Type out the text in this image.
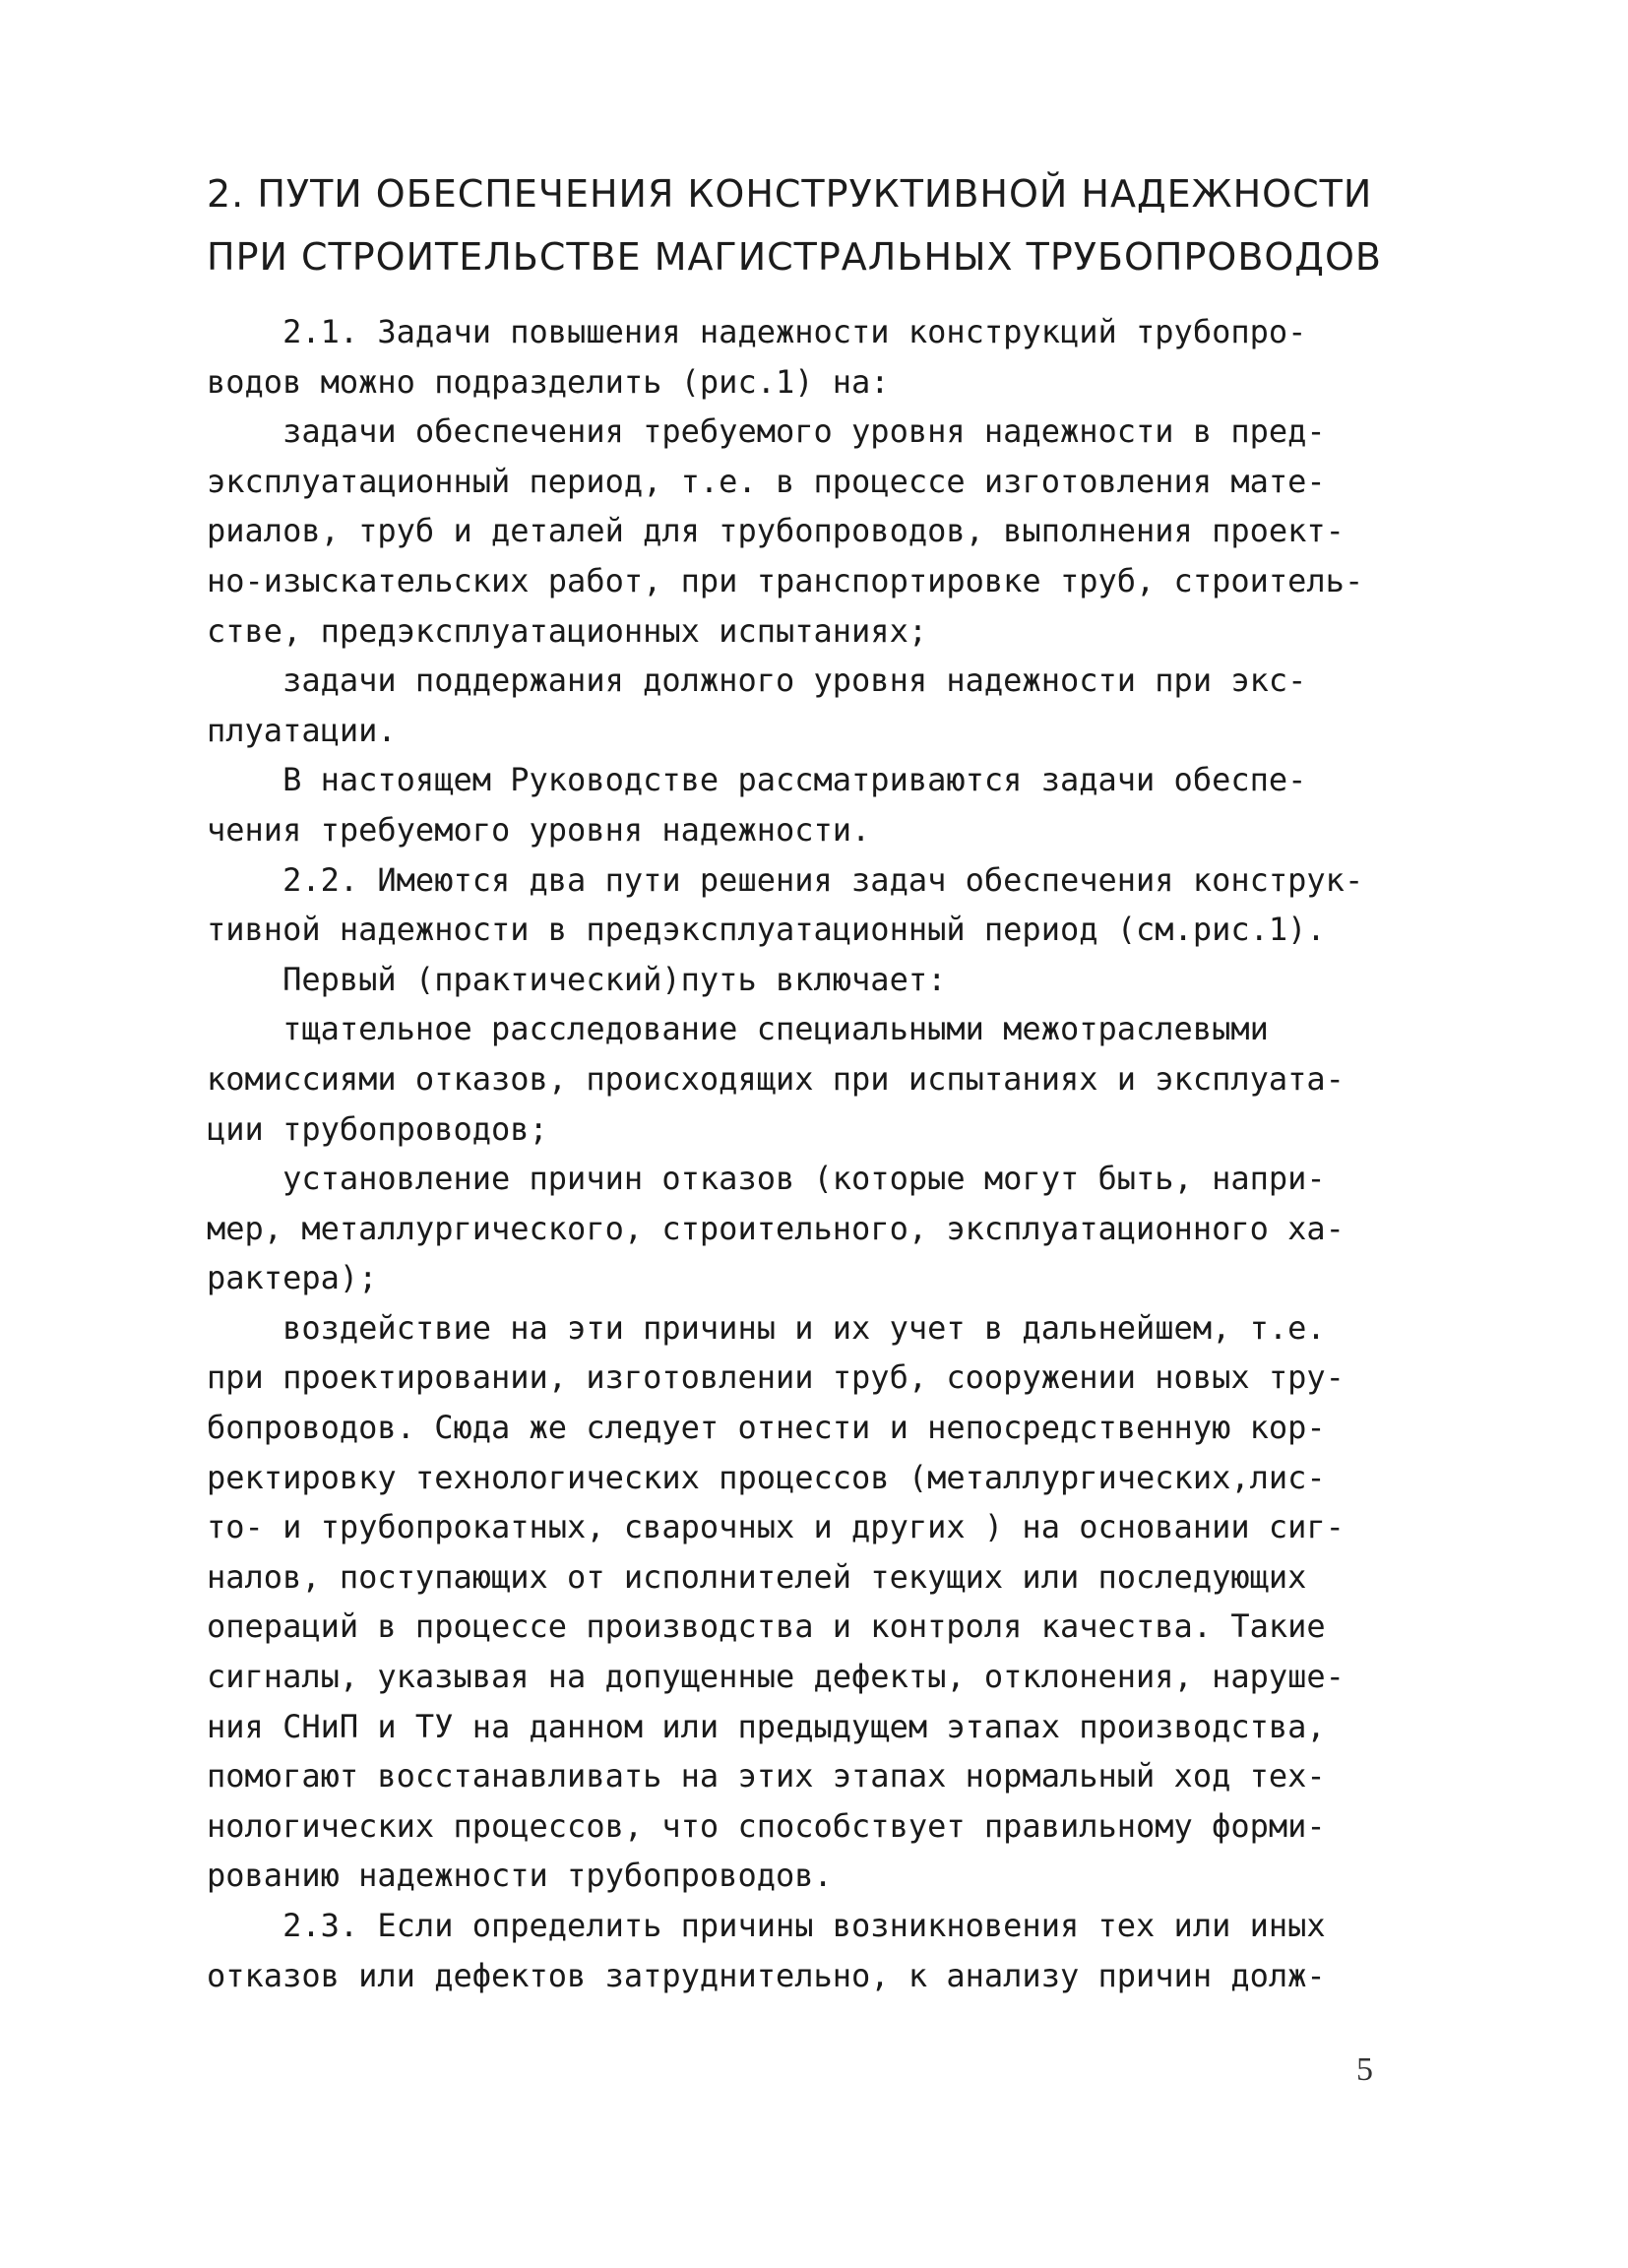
2. ПУТИ ОБЕСПЕЧЕНИЯ КОНСТРУКТИВНОЙ НАДЕЖНОСТИ
ПРИ СТРОИТЕЛЬСТВЕ МАГИСТРАЛЬНЫХ ТРУБОПРОВОДОВ
2.1. Задачи повышения надежности конструкций трубопро-
водов можно подразделить (рис.1) на:
задачи обеспечения требуемого уровня надежности в пред-
эксплуатационный период, т.е. в процессе изготовления мате-
риалов, труб и деталей для трубопроводов, выполнения проект-
но-изыскательских работ, при транспортировке труб, строитель-
стве, предэксплуатационных испытаниях;
задачи поддержания должного уровня надежности при экс-
плуатации.
В настоящем Руководстве рассматриваются задачи обеспе-
чения требуемого уровня надежности.
2.2. Имеются два пути решения задач обеспечения конструк-
тивной надежности в предэксплуатационный период (см.рис.1).
Первый (практический)путь включает:
тщательное расследование специальными межотраслевыми
комиссиями отказов, происходящих при испытаниях и эксплуата-
ции трубопроводов;
установление причин отказов (которые могут быть, напри-
мер, металлургического, строительного, эксплуатационного ха-
рактера);
воздействие на эти причины и их учет в дальнейшем, т.е.
при проектировании, изготовлении труб, сооружении новых тру-
бопроводов. Сюда же следует отнести и непосредственную кор-
ректировку технологических процессов (металлургических,лис-
то- и трубопрокатных, сварочных и других ) на основании сиг-
налов, поступающих от исполнителей текущих или последующих
операций в процессе производства и контроля качества. Такие
сигналы, указывая на допущенные дефекты, отклонения, наруше-
ния СНиП и ТУ на данном или предыдущем этапах производства,
помогают восстанавливать на этих этапах нормальный ход тех-
нологических процессов, что способствует правильному форми-
рованию надежности трубопроводов.
2.3. Если определить причины возникновения тех или иных
отказов или дефектов затруднительно, к анализу причин долж-
5
